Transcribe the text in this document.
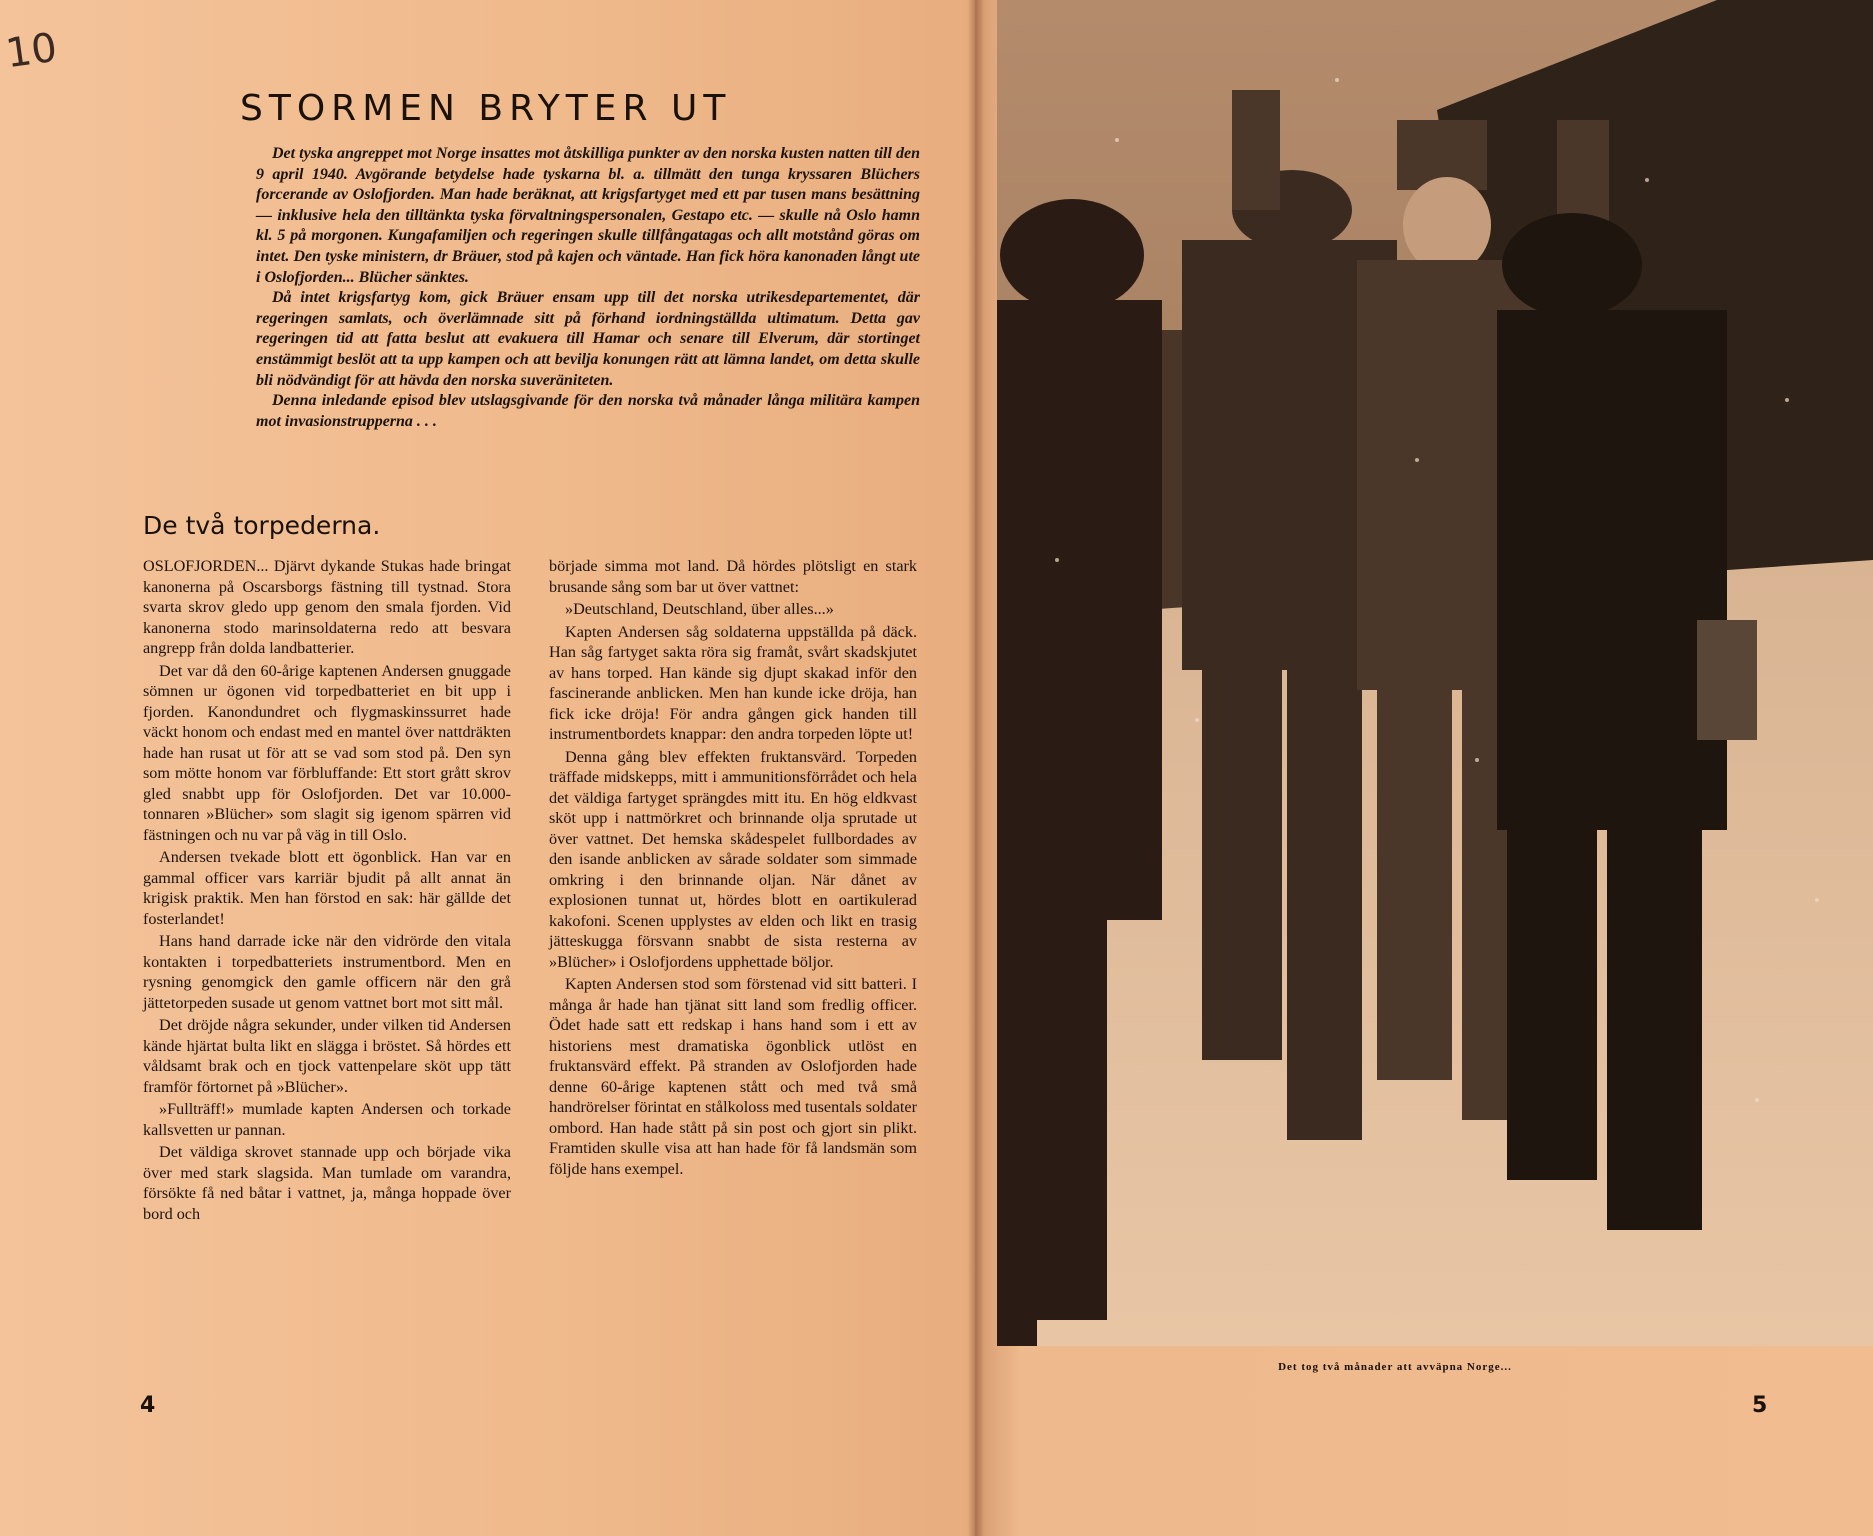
10
STORMEN BRYTER UT

Det tyska angreppet mot Norge insattes mot åtskilliga punkter av den norska kusten natten till den 9 april 1940. Avgörande betydelse hade tyskarna bl. a. tillmätt den tunga kryssaren Blüchers forcerande av Oslofjorden. Man hade beräknat, att krigsfartyget med ett par tusen mans besättning — inklusive hela den tilltänkta tyska förvaltningspersonalen, Gestapo etc. — skulle nå Oslo hamn kl. 5 på morgonen. Kungafamiljen och regeringen skulle tillfångatagas och allt motstånd göras om intet. Den tyske ministern, dr Bräuer, stod på kajen och väntade. Han fick höra kanonaden långt ute i Oslofjorden... Blücher sänktes.

Då intet krigsfartyg kom, gick Bräuer ensam upp till det norska utrikesdepartementet, där regeringen samlats, och överlämnade sitt på förhand iordningställda ultimatum. Detta gav regeringen tid att fatta beslut att evakuera till Hamar och senare till Elverum, där stortinget enstämmigt beslöt att ta upp kampen och att bevilja konungen rätt att lämna landet, om detta skulle bli nödvändigt för att hävda den norska suveräniteten.

Denna inledande episod blev utslagsgivande för den norska två månader långa militära kampen mot invasionstrupperna . . .

De två torpederna.

OSLOFJORDEN... Djärvt dykande Stukas hade bringat kanonerna på Oscarsborgs fästning till tystnad. Stora svarta skrov gledo upp genom den smala fjorden. Vid kanonerna stodo marinsoldaterna redo att besvara angrepp från dolda landbatterier.

Det var då den 60-årige kaptenen Andersen gnuggade sömnen ur ögonen vid torpedbatteriet en bit upp i fjorden. Kanondundret och flygmaskinssurret hade väckt honom och endast med en mantel över nattdräkten hade han rusat ut för att se vad som stod på. Den syn som mötte honom var förbluffande: Ett stort grått skrov gled snabbt upp för Oslofjorden. Det var 10.000-tonnaren »Blücher» som slagit sig igenom spärren vid fästningen och nu var på väg in till Oslo.

Andersen tvekade blott ett ögonblick. Han var en gammal officer vars karriär bjudit på allt annat än krigisk praktik. Men han förstod en sak: här gällde det fosterlandet!

Hans hand darrade icke när den vidrörde den vitala kontakten i torpedbatteriets instrumentbord. Men en rysning genomgick den gamle officern när den grå jättetorpeden susade ut genom vattnet bort mot sitt mål.

Det dröjde några sekunder, under vilken tid Andersen kände hjärtat bulta likt en slägga i bröstet. Så hördes ett våldsamt brak och en tjock vattenpelare sköt upp tätt framför förtornet på »Blücher».

»Fullträff!» mumlade kapten Andersen och torkade kallsvetten ur pannan.

Det väldiga skrovet stannade upp och började vika över med stark slagsida. Man tumlade om varandra, försökte få ned båtar i vattnet, ja, många hoppade över bord och

började simma mot land. Då hördes plötsligt en stark brusande sång som bar ut över vattnet:

»Deutschland, Deutschland, über alles...»

Kapten Andersen såg soldaterna uppställda på däck. Han såg fartyget sakta röra sig framåt, svårt skadskjutet av hans torped. Han kände sig djupt skakad inför den fascinerande anblicken. Men han kunde icke dröja, han fick icke dröja! För andra gången gick handen till instrumentbordets knappar: den andra torpeden löpte ut!

Denna gång blev effekten fruktansvärd. Torpeden träffade midskepps, mitt i ammunitionsförrådet och hela det väldiga fartyget sprängdes mitt itu. En hög eldkvast sköt upp i nattmörkret och brinnande olja sprutade ut över vattnet. Det hemska skådespelet fullbordades av den isande anblicken av sårade soldater som simmade omkring i den brinnande oljan. När dånet av explosionen tunnat ut, hördes blott en oartikulerad kakofoni. Scenen upplystes av elden och likt en trasig jätteskugga försvann snabbt de sista resterna av »Blücher» i Oslofjordens upphettade böljor.

Kapten Andersen stod som förstenad vid sitt batteri. I många år hade han tjänat sitt land som fredlig officer. Ödet hade satt ett redskap i hans hand som i ett av historiens mest dramatiska ögonblick utlöst en fruktansvärd effekt. På stranden av Oslofjorden hade denne 60-årige kaptenen stått och med två små handrörelser förintat en stålkoloss med tusentals soldater ombord. Han hade stått på sin post och gjort sin plikt. Framtiden skulle visa att han hade för få landsmän som följde hans exempel.

4
Det tog två månader att avväpna Norge...
5
